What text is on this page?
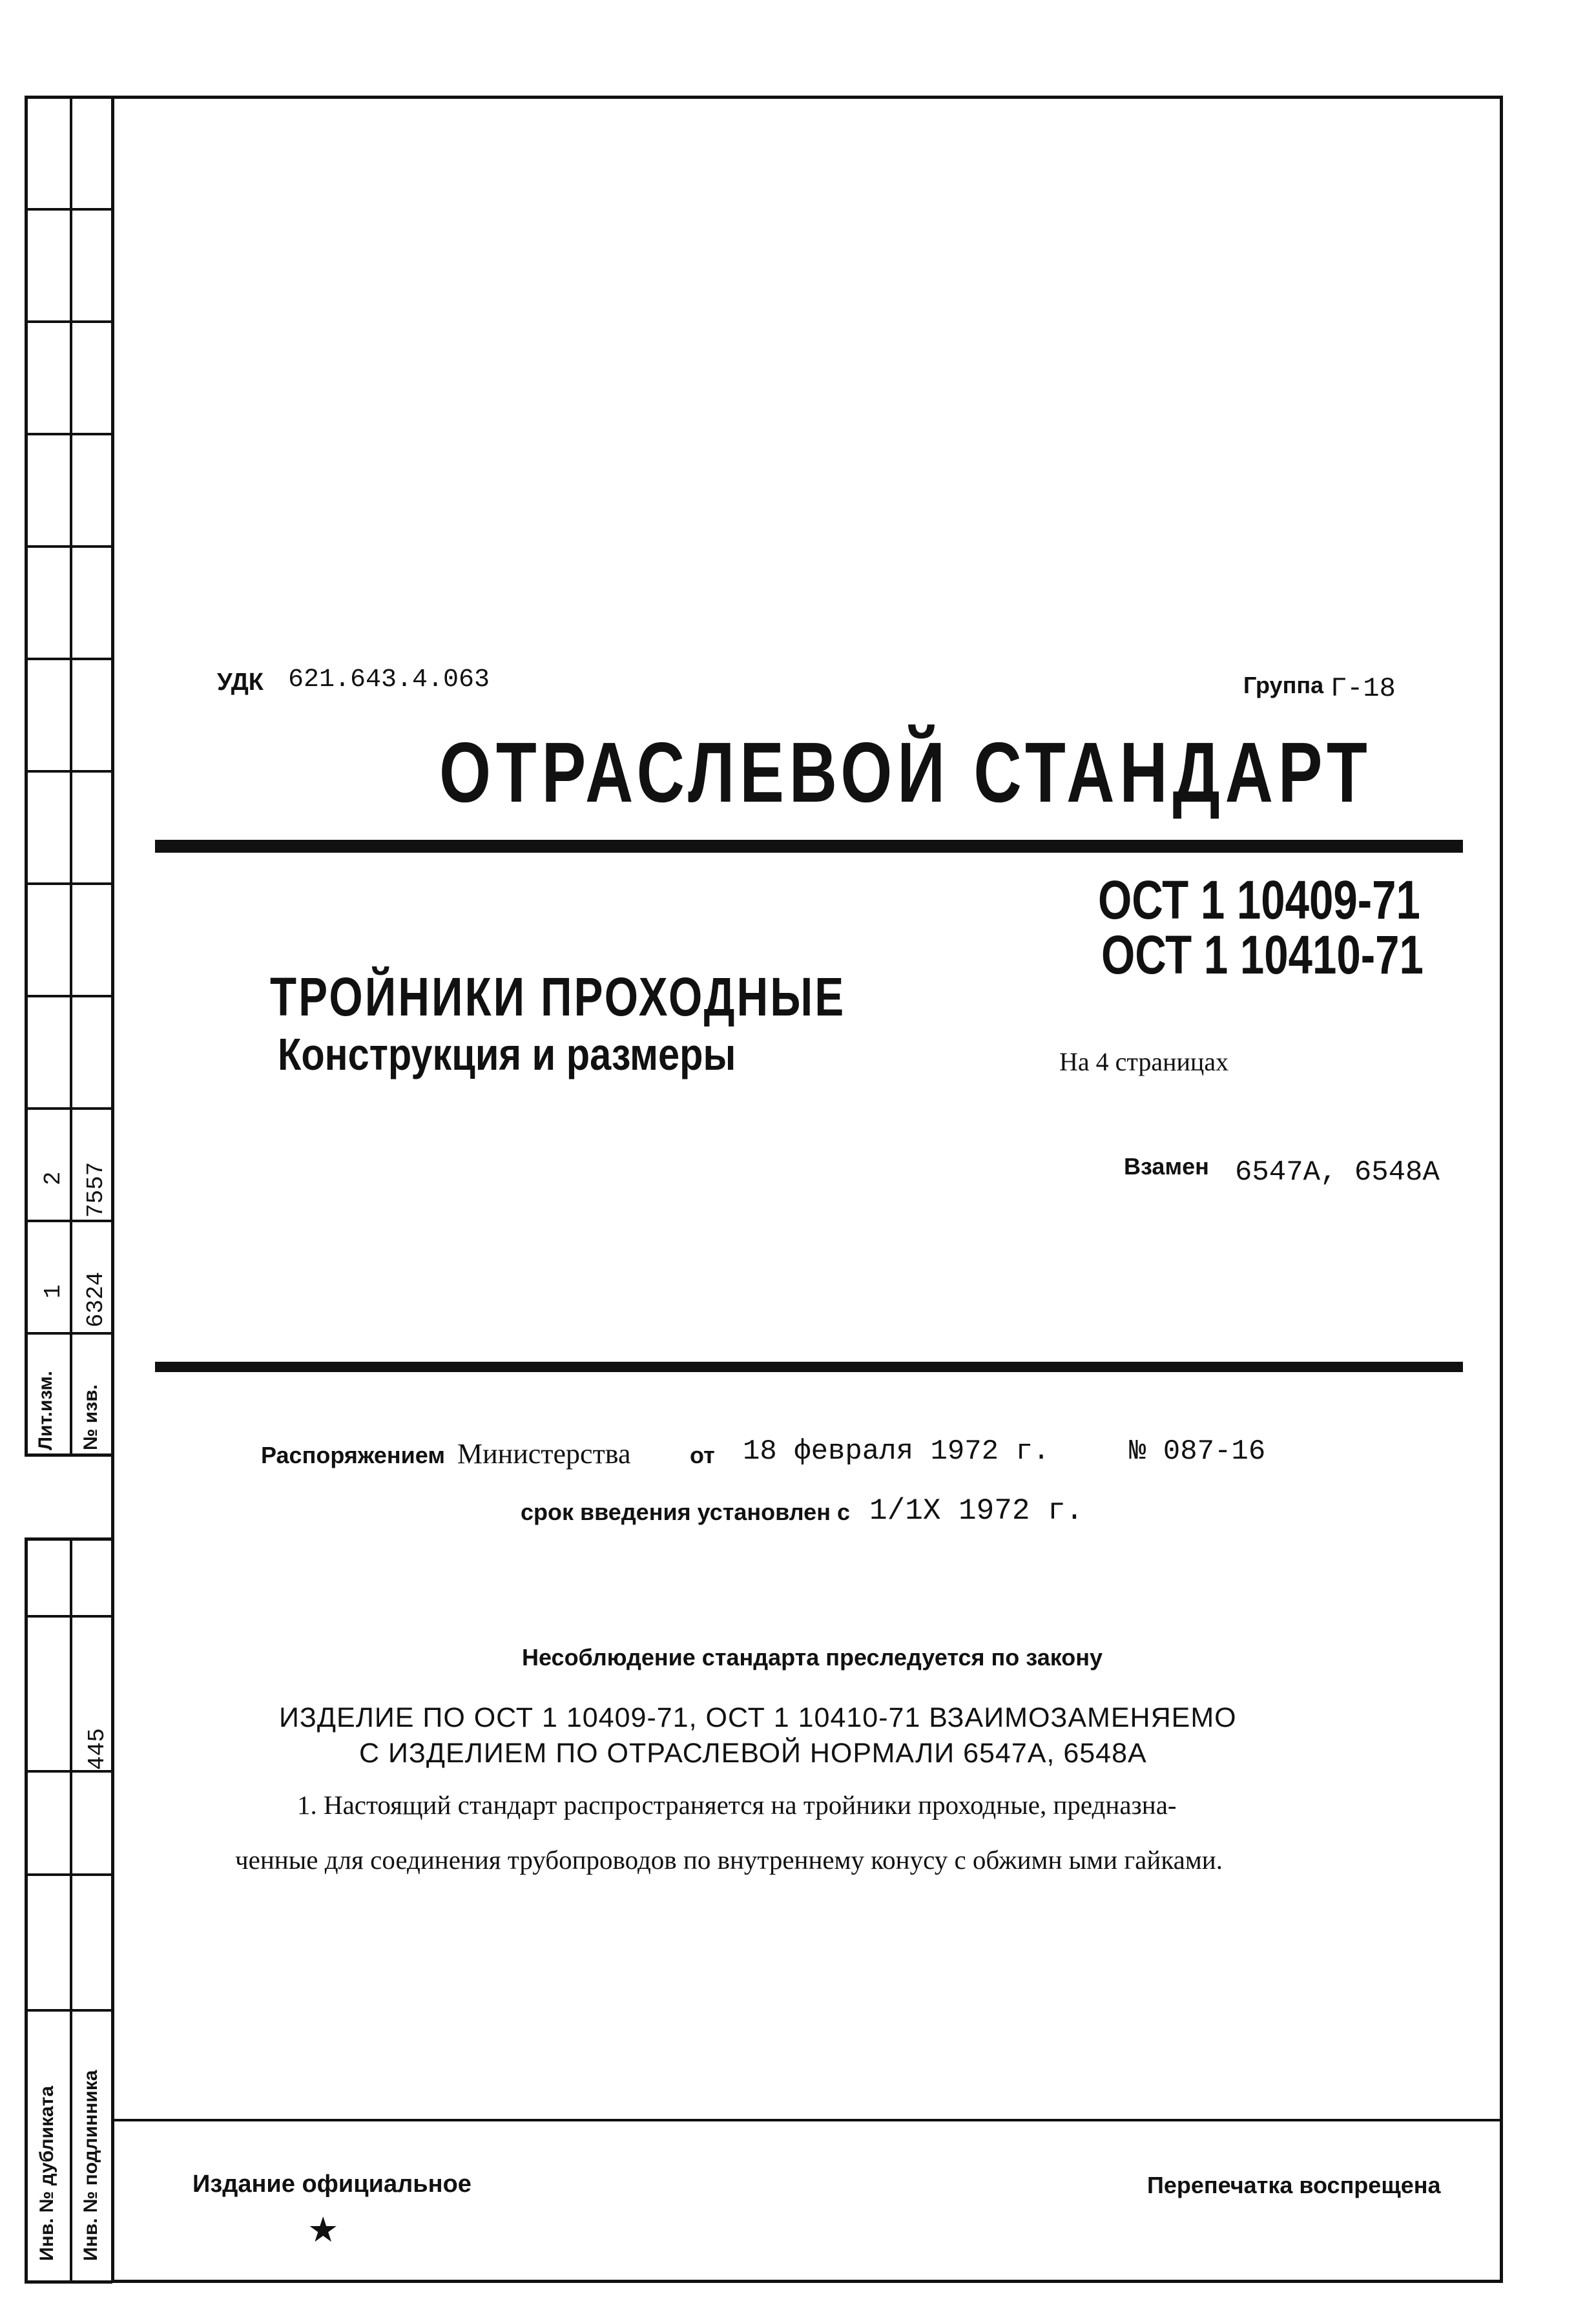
2 7557
1 6324
Лит.изм. № изв.
445
Инв. № дубликата Инв. № подлинника
УДК 621.643.4.063	Группа Г-18
ОТРАСЛЕВОЙ СТАНДАРТ
ОСТ 1 10409-71
ОСТ 1 10410-71
ТРОЙНИКИ ПРОХОДНЫЕ
Конструкция и размеры	На 4 страницах
Взамен 6547А, 6548А
Распоряжением Министерства	от 18 февраля 1972 г.	№ 087-16
срок введения установлен с 1/1Х 1972 г.
Несоблюдение стандарта преследуется по закону
ИЗДЕЛИЕ ПО ОСТ 1 10409-71, ОСТ 1 10410-71 ВЗАИМОЗАМЕНЯЕМО
С ИЗДЕЛИЕМ ПО ОТРАСЛЕВОЙ НОРМАЛИ 6547А, 6548А
1. Настоящий стандарт распространяется на тройники проходные, предназна-
ченные для соединения трубопроводов по внутреннему конусу с обжимн ыми гайками.
Издание официальное
★
Перепечатка воспрещена
